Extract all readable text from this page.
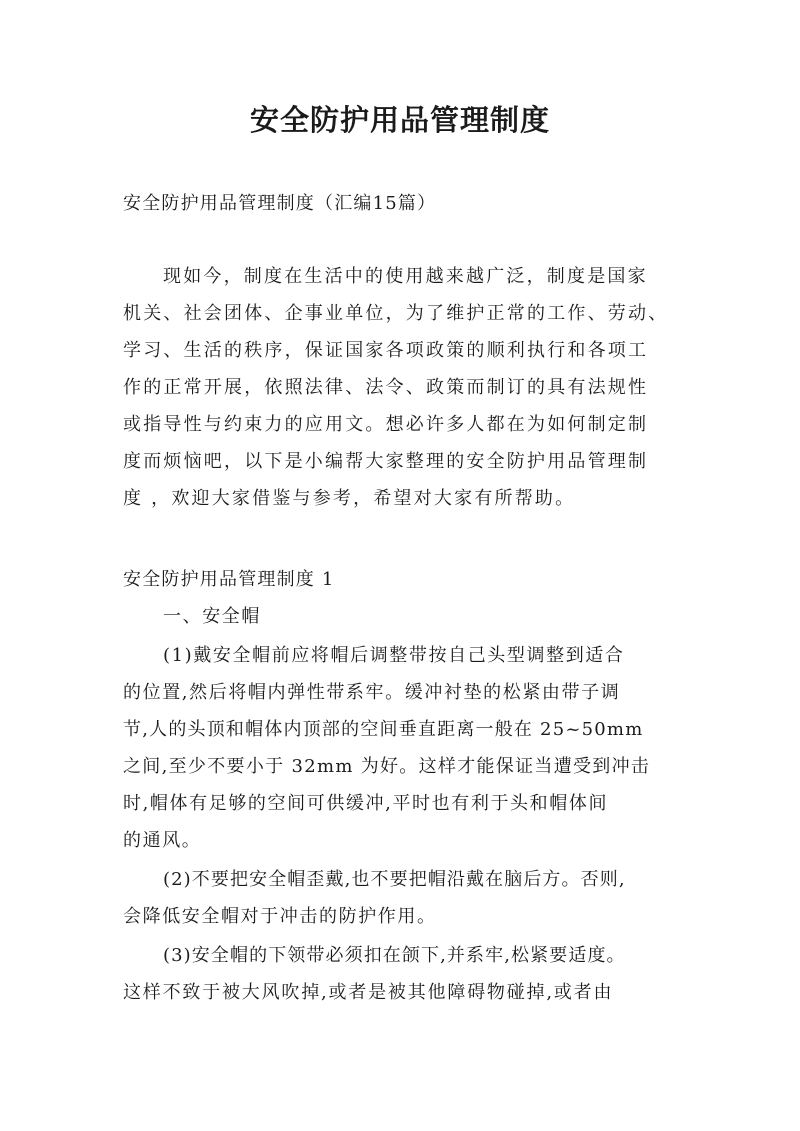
安全防护用品管理制度
安全防护用品管理制度（汇编15篇）
现如今，制度在生活中的使用越来越广泛，制度是国家
机关、社会团体、企事业单位，为了维护正常的工作、劳动、
学习、生活的秩序，保证国家各项政策的顺利执行和各项工
作的正常开展，依照法律、法令、政策而制订的具有法规性
或指导性与约束力的应用文。想必许多人都在为如何制定制
度而烦恼吧，以下是小编帮大家整理的安全防护用品管理制
度 ，欢迎大家借鉴与参考，希望对大家有所帮助。
安全防护用品管理制度 1
一、安全帽
(1)戴安全帽前应将帽后调整带按自己头型调整到适合
的位置,然后将帽内弹性带系牢。缓冲衬垫的松紧由带子调
节,人的头顶和帽体内顶部的空间垂直距离一般在 25~50mm
之间,至少不要小于 32mm 为好。这样才能保证当遭受到冲击
时,帽体有足够的空间可供缓冲,平时也有利于头和帽体间
的通风。
(2)不要把安全帽歪戴,也不要把帽沿戴在脑后方。否则,
会降低安全帽对于冲击的防护作用。
(3)安全帽的下领带必须扣在颌下,并系牢,松紧要适度。
这样不致于被大风吹掉,或者是被其他障碍物碰掉,或者由
